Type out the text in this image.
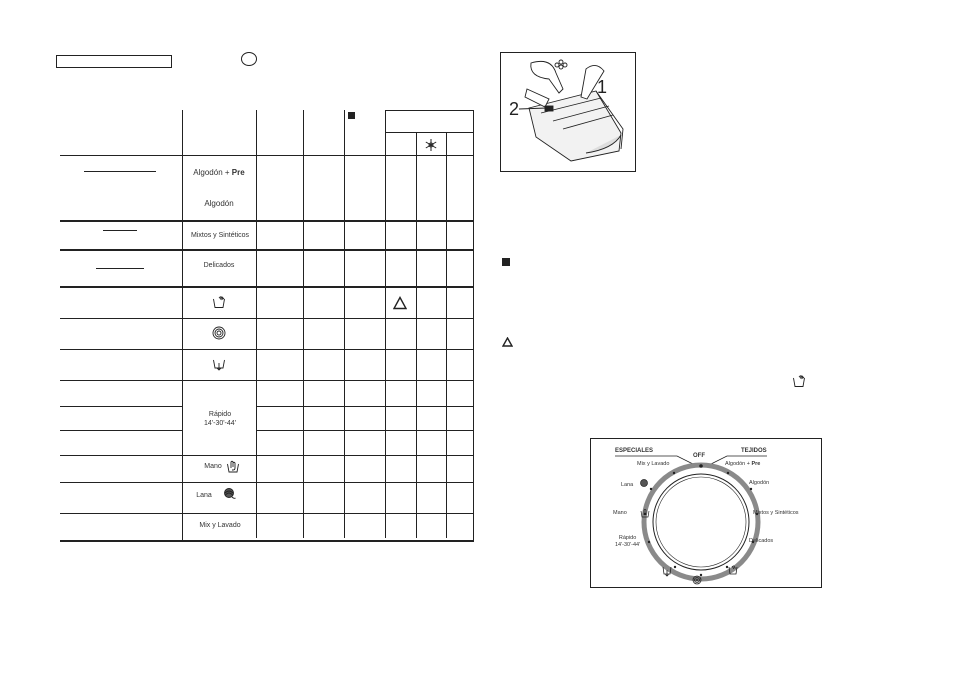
Algodón + Pre
Algodón
Mixtos y Sintéticos
Delicados
Rápido
14'-30'-44'
Mano
Lana
Mix y Lavado
1
2
ESPECIALES	TEJIDOS
OFF
Mix y Lavado	Algodón + Pre
Lana	Algodón
Mano	Mixtos y Sintéticos
Rápido
14'-30'-44'
Delicados
